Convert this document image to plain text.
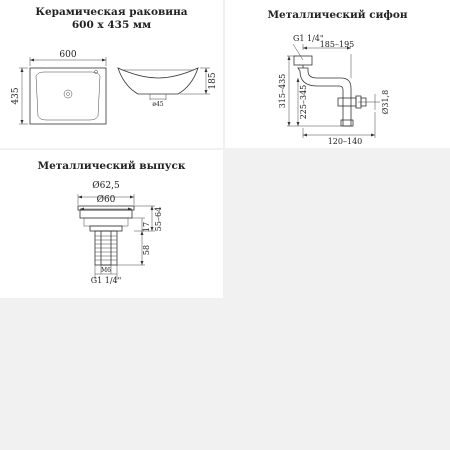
Керамическая раковина
600 х 435 мм
600
435
185
ø45
Металлический сифон
G1 1/4"
185–195
315–435 225–345	Ø31,8
120–140
Металлический выпуск
Ø62,5
Ø60
55–64
17
58
M6
G1 1/4"
